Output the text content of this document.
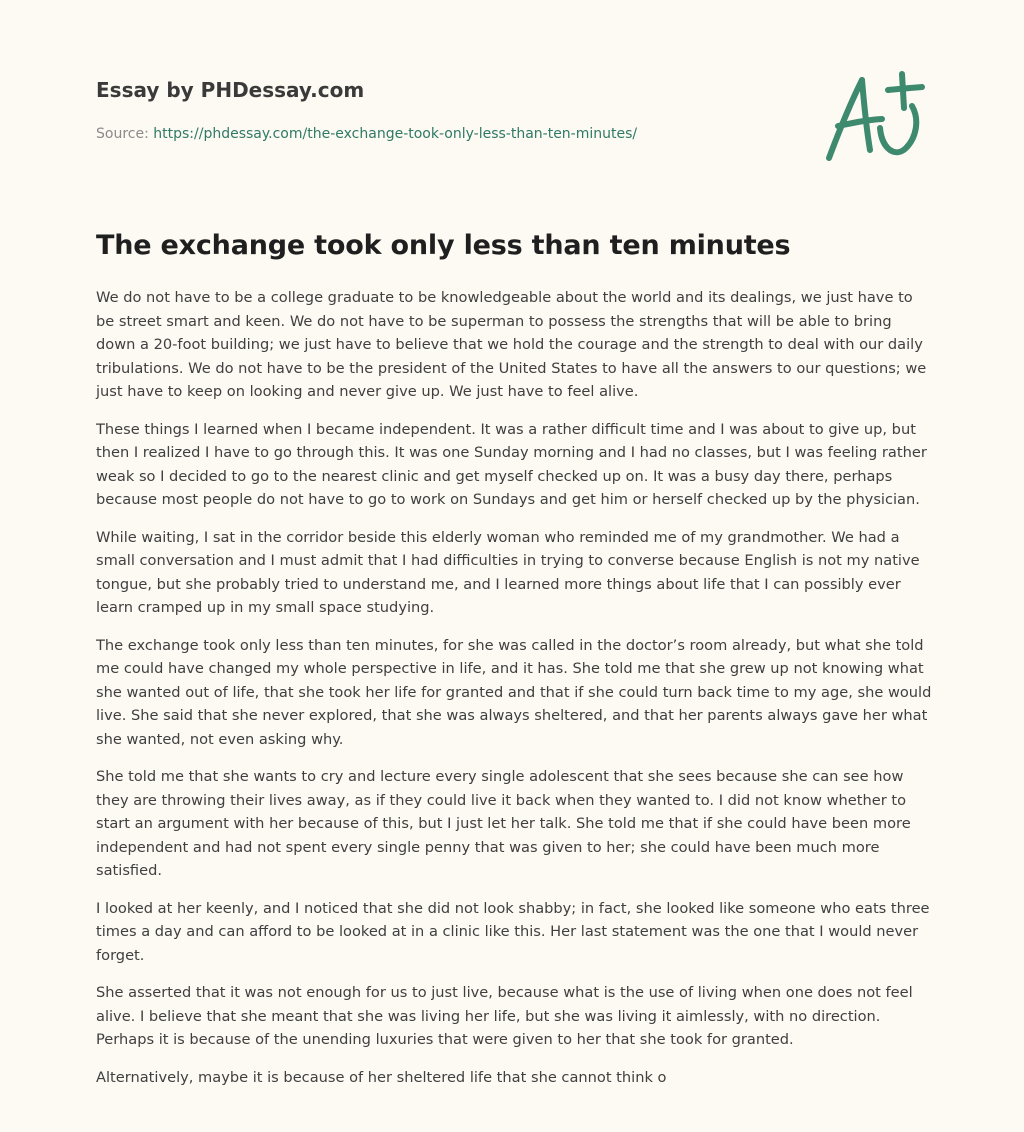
Essay by PHDessay.com
Source: https://phdessay.com/the-exchange-took-only-less-than-ten-minutes/
The exchange took only less than ten minutes

We do not have to be a college graduate to be knowledgeable about the world and its dealings, we just have to be street smart and keen. We do not have to be superman to possess the strengths that will be able to bring down a 20-foot building; we just have to believe that we hold the courage and the strength to deal with our daily tribulations. We do not have to be the president of the United States to have all the answers to our questions; we just have to keep on looking and never give up. We just have to feel alive.

These things I learned when I became independent. It was a rather difficult time and I was about to give up, but then I realized I have to go through this. It was one Sunday morning and I had no classes, but I was feeling rather weak so I decided to go to the nearest clinic and get myself checked up on. It was a busy day there, perhaps because most people do not have to go to work on Sundays and get him or herself checked up by the physician.

While waiting, I sat in the corridor beside this elderly woman who reminded me of my grandmother. We had a small conversation and I must admit that I had difficulties in trying to converse because English is not my native tongue, but she probably tried to understand me, and I learned more things about life that I can possibly ever learn cramped up in my small space studying.

The exchange took only less than ten minutes, for she was called in the doctor’s room already, but what she told me could have changed my whole perspective in life, and it has. She told me that she grew up not knowing what she wanted out of life, that she took her life for granted and that if she could turn back time to my age, she would live. She said that she never explored, that she was always sheltered, and that her parents always gave her what she wanted, not even asking why.

She told me that she wants to cry and lecture every single adolescent that she sees because she can see how they are throwing their lives away, as if they could live it back when they wanted to. I did not know whether to start an argument with her because of this, but I just let her talk. She told me that if she could have been more independent and had not spent every single penny that was given to her; she could have been much more satisfied.

I looked at her keenly, and I noticed that she did not look shabby; in fact, she looked like someone who eats three times a day and can afford to be looked at in a clinic like this. Her last statement was the one that I would never forget.

She asserted that it was not enough for us to just live, because what is the use of living when one does not feel alive. I believe that she meant that she was living her life, but she was living it aimlessly, with no direction. Perhaps it is because of the unending luxuries that were given to her that she took for granted.

Alternatively, maybe it is because of her sheltered life that she cannot think o
